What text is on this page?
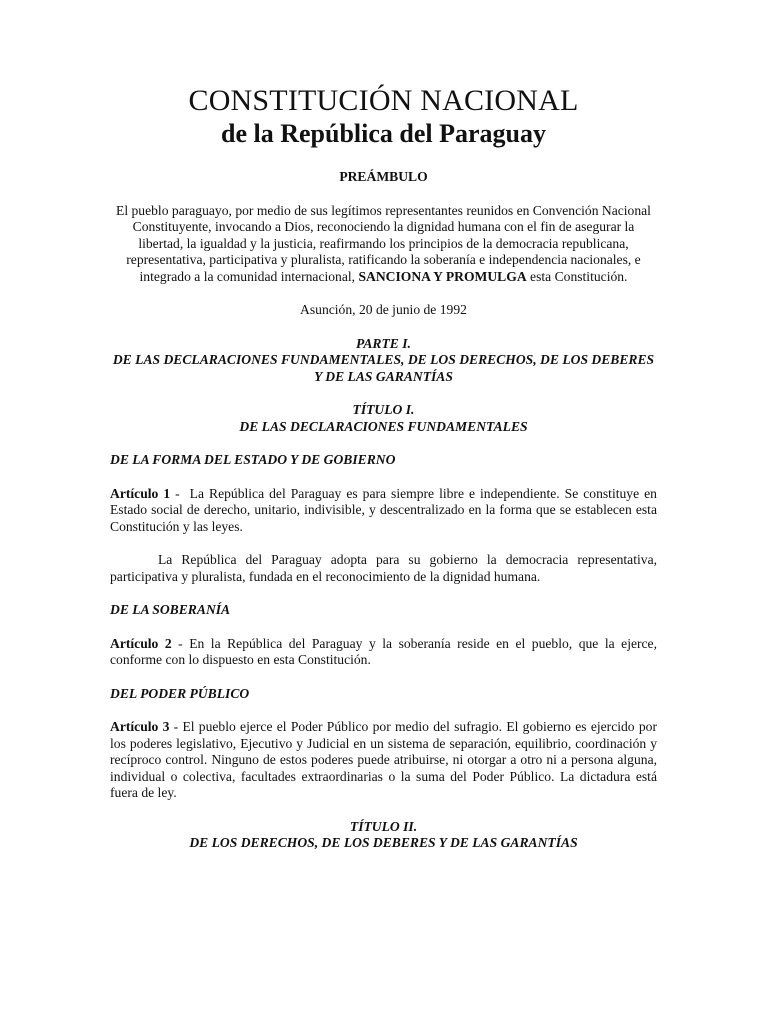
CONSTITUCIÓN NACIONAL
de la República del Paraguay
PREÁMBULO
El pueblo paraguayo, por medio de sus legítimos representantes reunidos en Convención Nacional Constituyente, invocando a Dios, reconociendo la dignidad humana con el fin de asegurar la libertad, la igualdad y la justicia, reafirmando los principios de la democracia republicana, representativa, participativa y pluralista, ratificando la soberanía e independencia nacionales, e integrado a la comunidad internacional, SANCIONA Y PROMULGA esta Constitución.
Asunción, 20 de junio de 1992
PARTE I.
DE LAS DECLARACIONES FUNDAMENTALES, DE LOS DERECHOS, DE LOS DEBERES Y DE LAS GARANTÍAS
TÍTULO I.
DE LAS DECLARACIONES FUNDAMENTALES
DE LA FORMA DEL ESTADO Y DE GOBIERNO
Artículo 1 -  La República del Paraguay es para siempre libre e independiente. Se constituye en Estado social de derecho, unitario, indivisible, y descentralizado en la forma que se establecen esta Constitución y las leyes.
La República del Paraguay adopta para su gobierno la democracia representativa, participativa y pluralista, fundada en el reconocimiento de la dignidad humana.
DE LA SOBERANÍA
Artículo 2 - En la República del Paraguay y la soberanía reside en el pueblo, que la ejerce, conforme con lo dispuesto en esta Constitución.
DEL PODER PÚBLICO
Artículo 3 - El pueblo ejerce el Poder Público por medio del sufragio. El gobierno es ejercido por los poderes legislativo, Ejecutivo y Judicial en un sistema de separación, equilibrio, coordinación y recíproco control. Ninguno de estos poderes puede atribuirse, ni otorgar a otro ni a persona alguna, individual o colectiva, facultades extraordinarias o la suma del Poder Público. La dictadura está fuera de ley.
TÍTULO II.
DE LOS DERECHOS, DE LOS DEBERES Y DE LAS GARANTÍAS
